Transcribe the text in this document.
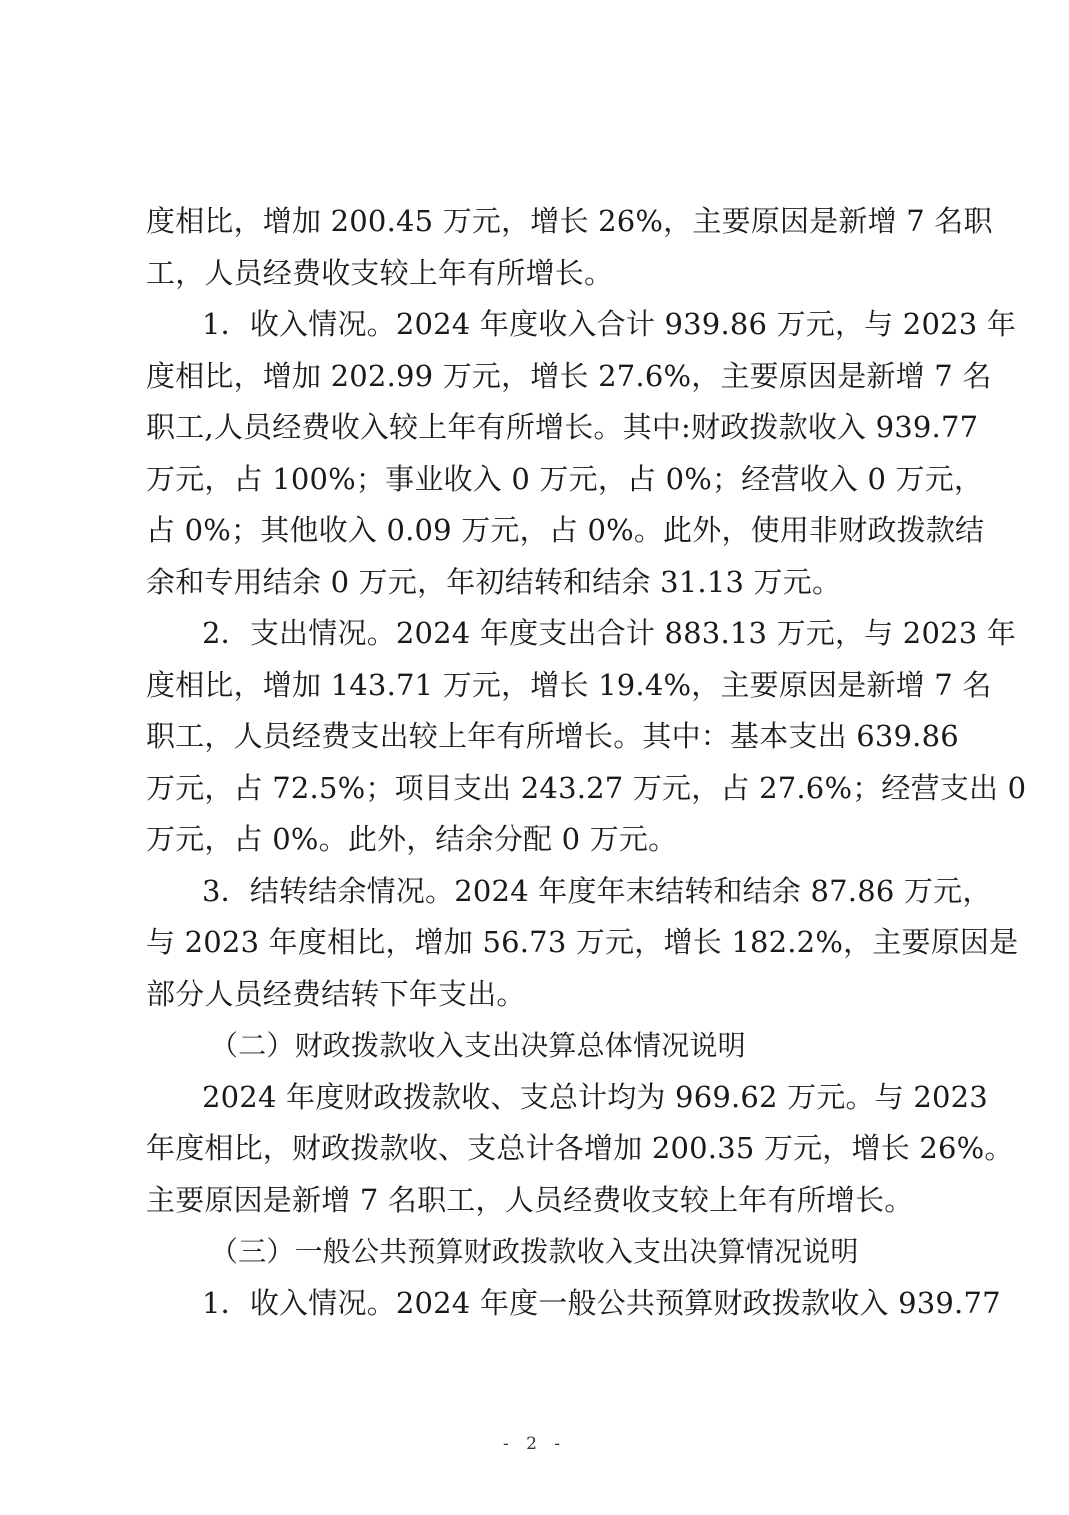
度相比，增加 200.45 万元，增长 26%，主要原因是新增 7 名职
工，人员经费收支较上年有所增长。
1．收入情况。2024 年度收入合计 939.86 万元，与 2023 年
度相比，增加 202.99 万元，增长 27.6%，主要原因是新增 7 名
职工,人员经费收入较上年有所增长。其中:财政拨款收入 939.77
万元，占 100%；事业收入 0 万元，占 0%；经营收入 0 万元，
占 0%；其他收入 0.09 万元，占 0%。此外，使用非财政拨款结
余和专用结余 0 万元，年初结转和结余 31.13 万元。
2．支出情况。2024 年度支出合计 883.13 万元，与 2023 年
度相比，增加 143.71 万元，增长 19.4%，主要原因是新增 7 名
职工，人员经费支出较上年有所增长。其中：基本支出 639.86
万元，占 72.5%；项目支出 243.27 万元，占 27.6%；经营支出 0
万元，占 0%。此外，结余分配 0 万元。
3．结转结余情况。2024 年度年末结转和结余 87.86 万元，
与 2023 年度相比，增加 56.73 万元，增长 182.2%，主要原因是
部分人员经费结转下年支出。
（二）财政拨款收入支出决算总体情况说明
2024 年度财政拨款收、支总计均为 969.62 万元。与 2023
年度相比，财政拨款收、支总计各增加 200.35 万元，增长 26%。
主要原因是新增 7 名职工，人员经费收支较上年有所增长。
（三）一般公共预算财政拨款收入支出决算情况说明
1．收入情况。2024 年度一般公共预算财政拨款收入 939.77
- 2 -
